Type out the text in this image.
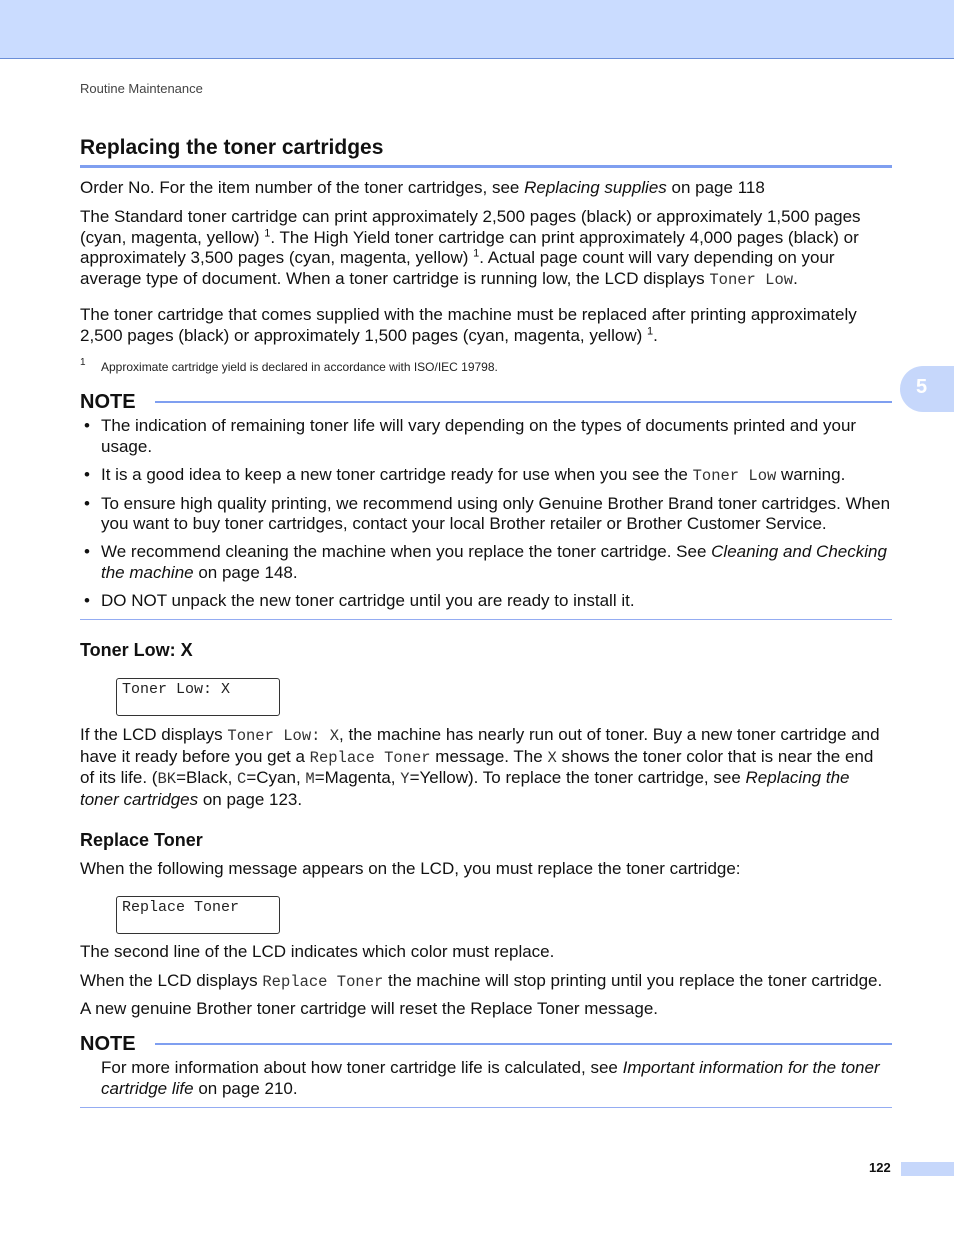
Routine Maintenance
Replacing the toner cartridges
Order No. For the item number of the toner cartridges, see Replacing supplies on page 118
The Standard toner cartridge can print approximately 2,500 pages (black) or approximately 1,500 pages (cyan, magenta, yellow) $^1$. The High Yield toner cartridge can print approximately 4,000 pages (black) or approximately 3,500 pages (cyan, magenta, yellow) $^1$. Actual page count will vary depending on your average type of document. When a toner cartridge is running low, the LCD displays Toner Low.
The toner cartridge that comes supplied with the machine must be replaced after printing approximately 2,500 pages (black) or approximately 1,500 pages (cyan, magenta, yellow) $^1$.
1 Approximate cartridge yield is declared in accordance with ISO/IEC 19798.
5
NOTE
• The indication of remaining toner life will vary depending on the types of documents printed and your usage.
• It is a good idea to keep a new toner cartridge ready for use when you see the Toner Low warning.
• To ensure high quality printing, we recommend using only Genuine Brother Brand toner cartridges. When you want to buy toner cartridges, contact your local Brother retailer or Brother Customer Service.
• We recommend cleaning the machine when you replace the toner cartridge. See Cleaning and Checking the machine on page 148.
• DO NOT unpack the new toner cartridge until you are ready to install it.
Toner Low: X
Toner Low: X
If the LCD displays Toner Low: X, the machine has nearly run out of toner. Buy a new toner cartridge and have it ready before you get a Replace Toner message. The X shows the toner color that is near the end of its life. (BK=Black, C=Cyan, M=Magenta, Y=Yellow). To replace the toner cartridge, see Replacing the toner cartridges on page 123.
Replace Toner
When the following message appears on the LCD, you must replace the toner cartridge:
Replace Toner
The second line of the LCD indicates which color must replace.
When the LCD displays Replace Toner the machine will stop printing until you replace the toner cartridge.
A new genuine Brother toner cartridge will reset the Replace Toner message.
NOTE
For more information about how toner cartridge life is calculated, see Important information for the toner cartridge life on page 210.
122
